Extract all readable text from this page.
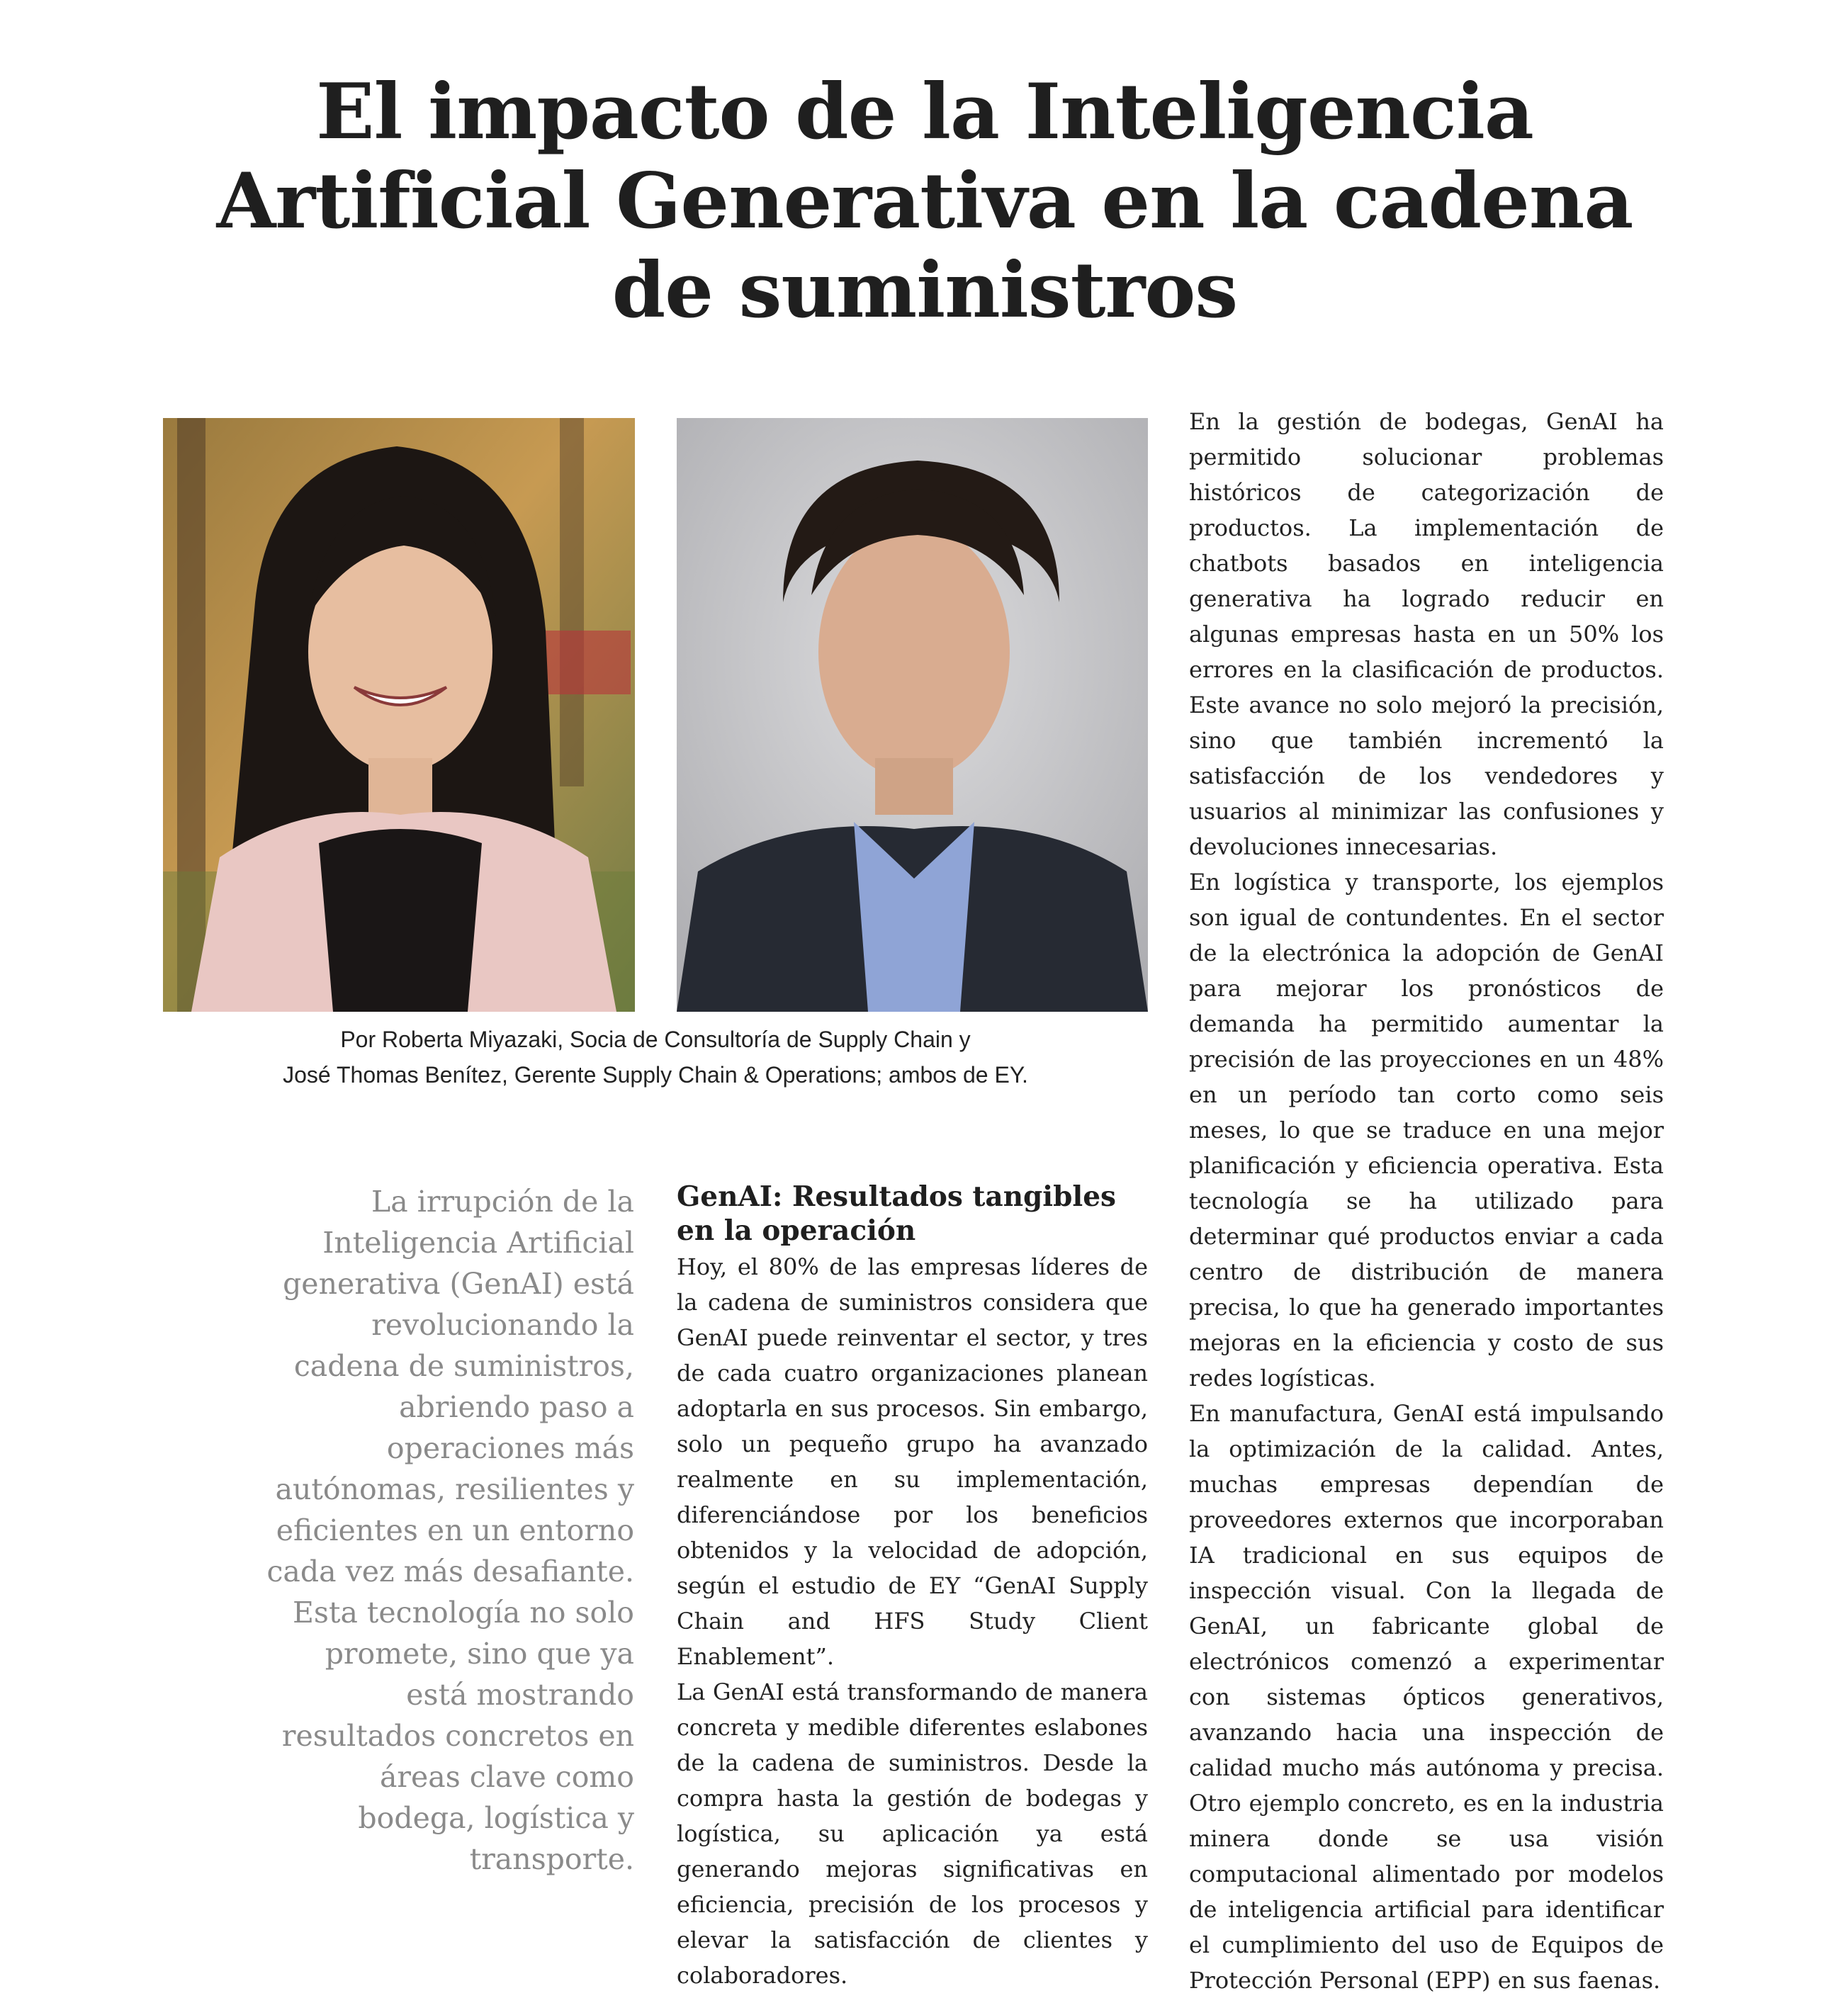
El impacto de la Inteligencia
Artificial Generativa en la cadena
de suministros
Por Roberta Miyazaki, Socia de Consultoría de Supply Chain y
José Thomas Benítez, Gerente Supply Chain & Operations; ambos de EY.
La irrupción de la Inteligencia Artificial generativa (GenAI) está revolucionando la cadena de suministros, abriendo paso a operaciones más autónomas, resilientes y eficientes en un entorno cada vez más desafiante. Esta tecnología no solo promete, sino que ya está mostrando resultados concretos en áreas clave como bodega, logística y transporte.
GenAI: Resultados tangibles en la operación

Hoy, el 80% de las empresas líderes de la cadena de suministros considera que GenAI puede reinventar el sector, y tres de cada cuatro organizaciones planean adoptarla en sus procesos. Sin embargo, solo un pequeño grupo ha avanzado realmente en su implementación, diferenciándose por los beneficios obtenidos y la velocidad de adopción, según el estudio de EY “GenAI Supply Chain and HFS Study Client Enablement”.

La GenAI está transformando de manera concreta y medible diferentes eslabones de la cadena de suministros. Desde la compra hasta la gestión de bodegas y logística, su aplicación ya está generando mejoras significativas en eficiencia, precisión de los procesos y elevar la satisfacción de clientes y colaboradores.

En la gestión de bodegas, GenAI ha permitido solucionar problemas históricos de categorización de productos. La implementación de chatbots basados en inteligencia generativa ha logrado reducir en algunas empresas hasta en un 50% los errores en la clasificación de productos. Este avance no solo mejoró la precisión, sino que también incrementó la satisfacción de los vendedores y usuarios al minimizar las confusiones y devoluciones innecesarias.

En logística y transporte, los ejemplos son igual de contundentes. En el sector de la electrónica la adopción de GenAI para mejorar los pronósticos de demanda ha permitido aumentar la precisión de las proyecciones en un 48% en un período tan corto como seis meses, lo que se traduce en una mejor planificación y eficiencia operativa. Esta tecnología se ha utilizado para determinar qué productos enviar a cada centro de distribución de manera precisa, lo que ha generado importantes mejoras en la eficiencia y costo de sus redes logísticas.

En manufactura, GenAI está impulsando la optimización de la calidad. Antes, muchas empresas dependían de proveedores externos que incorporaban IA tradicional en sus equipos de inspección visual. Con la llegada de GenAI, un fabricante global de electrónicos comenzó a experimentar con sistemas ópticos generativos, avanzando hacia una inspección de calidad mucho más autónoma y precisa. Otro ejemplo concreto, es en la industria minera donde se usa visión computacional alimentado por modelos de inteligencia artificial para identificar el cumplimiento del uso de Equipos de Protección Personal (EPP) en sus faenas.
